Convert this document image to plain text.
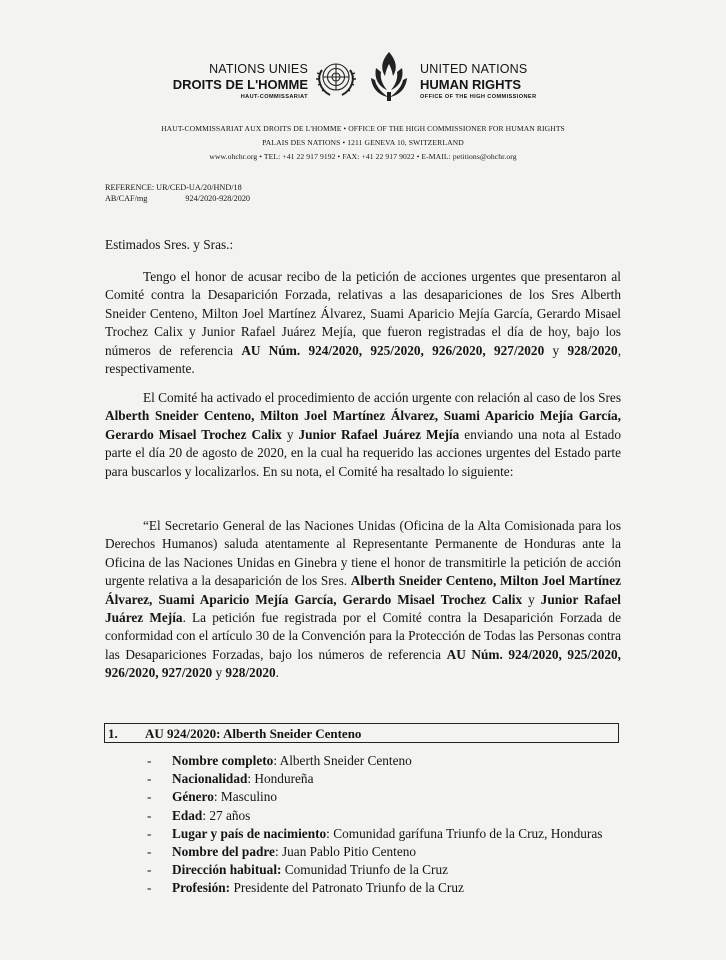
NATIONS UNIES
DROITS DE L'HOMME
HAUT-COMMISSARIAT
UNITED NATIONS
HUMAN RIGHTS
OFFICE OF THE HIGH COMMISSIONER
HAUT-COMMISSARIAT AUX DROITS DE L'HOMME • OFFICE OF THE HIGH COMMISSIONER FOR HUMAN RIGHTS
PALAIS DES NATIONS • 1211 GENEVA 10, SWITZERLAND
www.ohchr.org • TEL: +41 22 917 9192 • FAX: +41 22 917 9022 • E-MAIL: petitions@ohchr.org
REFERENCE: UR/CED-UA/20/HND/18
AB/CAF/mg	924/2020-928/2020
Estimados Sres. y Sras.:
Tengo el honor de acusar recibo de la petición de acciones urgentes que presentaron al Comité contra la Desaparición Forzada, relativas a las desapariciones de los Sres Alberth Sneider Centeno, Milton Joel Martínez Álvarez, Suami Aparicio Mejía García, Gerardo Misael Trochez Calix y Junior Rafael Juárez Mejía, que fueron registradas el día de hoy, bajo los números de referencia AU Núm. 924/2020, 925/2020, 926/2020, 927/2020 y 928/2020, respectivamente.
El Comité ha activado el procedimiento de acción urgente con relación al caso de los Sres Alberth Sneider Centeno, Milton Joel Martínez Álvarez, Suami Aparicio Mejía García, Gerardo Misael Trochez Calix y Junior Rafael Juárez Mejía enviando una nota al Estado parte el día 20 de agosto de 2020, en la cual ha requerido las acciones urgentes del Estado parte para buscarlos y localizarlos. En su nota, el Comité ha resaltado lo siguiente:
“El Secretario General de las Naciones Unidas (Oficina de la Alta Comisionada para los Derechos Humanos) saluda atentamente al Representante Permanente de Honduras ante la Oficina de las Naciones Unidas en Ginebra y tiene el honor de transmitirle la petición de acción urgente relativa a la desaparición de los Sres. Alberth Sneider Centeno, Milton Joel Martínez Álvarez, Suami Aparicio Mejía García, Gerardo Misael Trochez Calix y Junior Rafael Juárez Mejía. La petición fue registrada por el Comité contra la Desaparición Forzada de conformidad con el artículo 30 de la Convención para la Protección de Todas las Personas contra las Desapariciones Forzadas, bajo los números de referencia AU Núm. 924/2020, 925/2020, 926/2020, 927/2020 y 928/2020.
1. AU 924/2020: Alberth Sneider Centeno
- Nombre completo: Alberth Sneider Centeno
- Nacionalidad: Hondureña
- Género: Masculino
- Edad: 27 años
- Lugar y país de nacimiento: Comunidad garífuna Triunfo de la Cruz, Honduras
- Nombre del padre: Juan Pablo Pitio Centeno
- Dirección habitual: Comunidad Triunfo de la Cruz
- Profesión: Presidente del Patronato Triunfo de la Cruz
